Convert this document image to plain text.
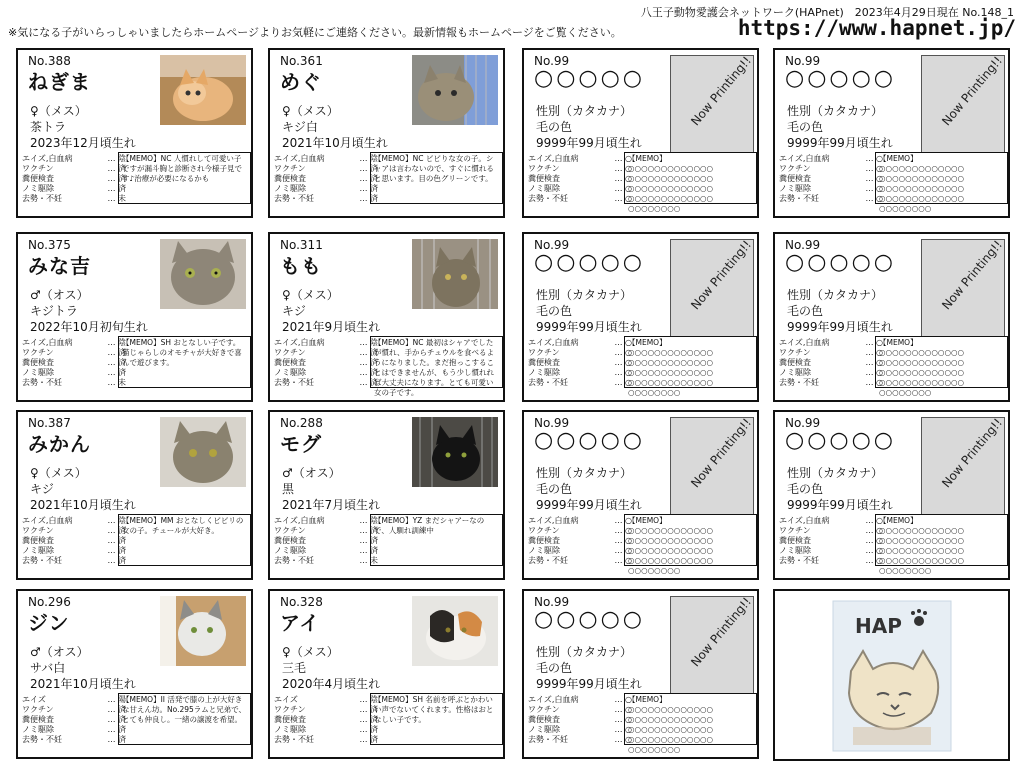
八王子動物愛護会ネットワーク(HAPnet)　2023年4月29日現在 No.148_1
※気になる子がいらっしゃいましたらホームページよりお気軽にご連絡ください。最新情報もホームページをご覧ください。	https://www.hapnet.jp/
No.388
ねぎま
♀（メス）
茶トラ
2023年12月頃生れ
エイズ,白血病	… 陰
ワクチン	… 済
糞便検査	… 済
ノミ駆除	… 済
去勢・不妊	… 未
【MEMO】NC 人慣れして可愛い子ですが漏斗胸と診断され今様子見です♪治療が必要になるかも
No.361
めぐ
♀（メス）
キジ白
2021年10月頃生れ
エイズ,白血病	… 陰
ワクチン	… 済
糞便検査	… 済
ノミ駆除	… 済
去勢・不妊	… 済
【MEMO】NC ビビりな女の子。シャアは言わないので、すぐに慣れると思います。目の色グリーンです。
No.375
みな吉
♂（オス）
キジトラ
2022年10月初旬生れ
エイズ,白血病	… 陰
ワクチン	… 済
糞便検査	… 済
ノミ駆除	… 済
去勢・不妊	… 未
【MEMO】SH おとなしい子です。猫じゃらしのオモチャが大好きで喜んで遊びます。
No.311
もも
♀（メス）
キジ
2021年9月頃生れ
エイズ,白血病	… 陰
ワクチン	… 済
糞便検査	… 済
ノミ駆除	… 済
去勢・不妊	… 済
【MEMO】NC 最初はシャアでしたが慣れ、手からチュウルを食べるようになりました。まだ抱っこすることはできませんが、もう少し慣れれば大丈夫になります。とても可愛い女の子です。
No.387
みかん
♀（メス）
キジ
2021年10月頃生れ
エイズ,白血病	… 陰
ワクチン	… 済
糞便検査	… 済
ノミ駆除	… 済
去勢・不妊	… 済
【MEMO】MM おとなしくビビリの女の子。チュールが大好き。
No.288
モグ
♂（オス）
黒
2021年7月頃生れ
エイズ,白血病	… 陰
ワクチン	… 済
糞便検査	… 済
ノミ駆除	… 済
去勢・不妊	… 未
【MEMO】YZ まだシャアーなので、人馴れ訓練中
No.296
ジン
♂（オス）
サバ白
2021年10月頃生れ
エイズ	… 陽
ワクチン	… 済
糞便検査	… 済
ノミ駆除	… 済
去勢・不妊	… 済
【MEMO】II 活発で膝の上が大好きな甘えん坊。No.295ラムと兄弟で、とても仲良し。一緒の譲渡を希望。
No.328
アイ
♀（メス）
三毛
2020年4月頃生れ
エイズ	… 陰
ワクチン	… 済
糞便検査	… 済
ノミ駆除	… 済
去勢・不妊	… 済
【MEMO】SH 名前を呼ぶとかわいい声でないてくれます。性格はおとなしい子です。
No.99
○○○○○	Now Printing!!
性別（カタカナ）
毛の色
9999年99月頃生れ
エイズ,白血病	… ○
ワクチン	… ○
糞便検査	… ○
ノミ駆除	… ○
去勢・不妊	… ○
【MEMO】 ○○○○○○○○○○○○○ ○○○○○○○○○○○○○ ○○○○○○○○○○○○○ ○○○○○○○○○○○○○ ○○○○○○○○
No.99
○○○○○	Now Printing!!
性別（カタカナ）
毛の色
9999年99月頃生れ
エイズ,白血病	… ○
ワクチン	… ○
糞便検査	… ○
ノミ駆除	… ○
去勢・不妊	… ○
【MEMO】 ○○○○○○○○○○○○○ ○○○○○○○○○○○○○ ○○○○○○○○○○○○○ ○○○○○○○○○○○○○ ○○○○○○○○
No.99
○○○○○	Now Printing!!
性別（カタカナ）
毛の色
9999年99月頃生れ
エイズ,白血病	… ○
ワクチン	… ○
糞便検査	… ○
ノミ駆除	… ○
去勢・不妊	… ○
【MEMO】 ○○○○○○○○○○○○○ ○○○○○○○○○○○○○ ○○○○○○○○○○○○○ ○○○○○○○○○○○○○ ○○○○○○○○
No.99
○○○○○	Now Printing!!
性別（カタカナ）
毛の色
9999年99月頃生れ
エイズ,白血病	… ○
ワクチン	… ○
糞便検査	… ○
ノミ駆除	… ○
去勢・不妊	… ○
【MEMO】 ○○○○○○○○○○○○○ ○○○○○○○○○○○○○ ○○○○○○○○○○○○○ ○○○○○○○○○○○○○ ○○○○○○○○
No.99
○○○○○	Now Printing!!
性別（カタカナ）
毛の色
9999年99月頃生れ
エイズ,白血病	… ○
ワクチン	… ○
糞便検査	… ○
ノミ駆除	… ○
去勢・不妊	… ○
【MEMO】 ○○○○○○○○○○○○○ ○○○○○○○○○○○○○ ○○○○○○○○○○○○○ ○○○○○○○○○○○○○ ○○○○○○○○
No.99
○○○○○	Now Printing!!
性別（カタカナ）
毛の色
9999年99月頃生れ
エイズ,白血病	… ○
ワクチン	… ○
糞便検査	… ○
ノミ駆除	… ○
去勢・不妊	… ○
【MEMO】 ○○○○○○○○○○○○○ ○○○○○○○○○○○○○ ○○○○○○○○○○○○○ ○○○○○○○○○○○○○ ○○○○○○○○
No.99
○○○○○	Now Printing!!
性別（カタカナ）
毛の色
9999年99月頃生れ
エイズ,白血病	… ○
ワクチン	… ○
糞便検査	… ○
ノミ駆除	… ○
去勢・不妊	… ○
【MEMO】 ○○○○○○○○○○○○○ ○○○○○○○○○○○○○ ○○○○○○○○○○○○○ ○○○○○○○○○○○○○ ○○○○○○○○
HAP
